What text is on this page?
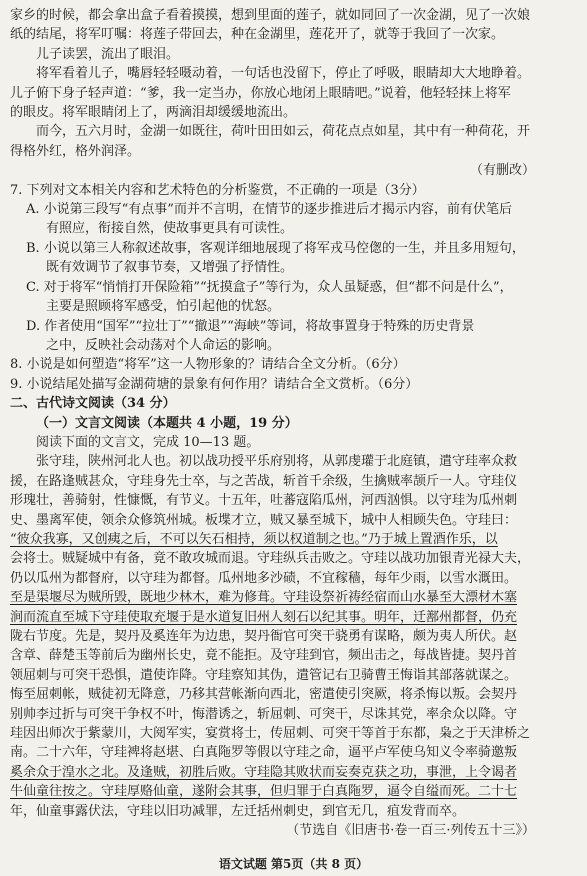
家乡的时候，都会拿出盒子看着摸摸，想到里面的莲子，就如同回了一次金湖，见了一次娘
纸的结尾，将军叮嘱：将莲子带回去，种在金湖里，莲花开了，就等于我回了一次家。
儿子读罢，流出了眼泪。
将军看着儿子，嘴唇轻轻嗫动着，一句话也没留下，停止了呼吸，眼睛却大大地睁着。
儿子俯下身子轻声道：“爹，我一定当办，你放心地闭上眼睛吧。”说着，他轻轻抹上将军
的眼皮。将军眼睛闭上了，两滴泪却缓缓地流出。
而今，五六月时，金湖一如既往，荷叶田田如云，荷花点点如星，其中有一种荷花，开
得格外红，格外润泽。
（有删改）
7. 下列对文本相关内容和艺术特色的分析鉴赏，不正确的一项是（3分）
A. 小说第三段写“有点事”而并不言明，在情节的逐步推进后才揭示内容，前有伏笔后
有照应，衔接自然，使故事更具有可读性。
B. 小说以第三人称叙述故事，客观详细地展现了将军戎马倥偬的一生，并且多用短句，
既有效调节了叙事节奏，又增强了抒情性。
C. 对于将军“悄悄打开保险箱”“抚摸盒子”等行为，众人虽疑惑，但“都不问是什么”，
主要是照顾将军感受，怕引起他的忧怒。
D. 作者使用“国军”“拉壮丁”“撤退”“海峡”等词，将故事置身于特殊的历史背景
之中，反映社会动荡对个人命运的影响。
8. 小说是如何塑造“将军”这一人物形象的？请结合全文分析。（6分）
9. 小说结尾处描写金湖荷塘的景象有何作用？请结合全文赏析。（6分）
二、古代诗文阅读（34 分）
（一）文言文阅读（本题共 4 小题，19 分）
阅读下面的文言文，完成 10—13 题。
张守珪，陕州河北人也。初以战功授平乐府别将，从郭虔瓘于北庭镇，遣守珪率众救
援，在路逢贼甚众，守珪身先士卒，与之苦战，斩首千余级，生擒贼率颉斤一人。守珪仪
形瑰壮，善骑射，性慷慨，有节义。十五年，吐蕃寇陷瓜州，河西汹惧。以守珪为瓜州刺
史、墨离军使，领余众修筑州城。板堞才立，贼又暴至城下，城中人相顾失色。守珪曰：
“彼众我寡，又创痍之后，不可以矢石相持，须以权道制之也。”乃于城上置酒作乐，以
会将士。贼疑城中有备，竟不敢攻城而退。守珪纵兵击败之。守珪以战功加银青光禄大夫，
仍以瓜州为都督府，以守珪为都督。瓜州地多沙碛，不宜稼穑，每年少雨，以雪水溉田。
至是渠堰尽为贼所毁，既地少林木，难为修葺。守珪设祭祈祷经宿而山水暴至大漂材木塞
涧而流直至城下守珪使取充堰于是水道复旧州人刻石以纪其事。明年，迁鄯州都督，仍充
陇右节度。先是，契丹及奚连年为边患，契丹衙官可突干骁勇有谋略，颇为夷人所伏。赵
含章、薛楚玉等前后为幽州长史，竟不能拒。及守珪到官，频出击之，每战皆捷。契丹首
领屈刺与可突干恐惧，遣使诈降。守珪察知其伪，遣管记右卫骑曹王悔诣其部落就谋之。
悔至屈刺帐，贼徒初无降意，乃移其营帐渐向西北，密遣使引突厥，将杀悔以叛。会契丹
别帅李过折与可突干争权不叶，悔潜诱之，斩屈刺、可突干，尽诛其党，率余众以降。守
珪因出师次于紫蒙川，大阅军实，宴赏将士，传屈刺、可突干等首于东都，枭之于天津桥之
南。二十六年，守珪裨将赵堪、白真陁罗等假以守珪之命，逼平卢军使乌知义令率骑邀叛
奚余众于湟水之北。及逢贼，初胜后败。守珪隐其败状而妄奏克获之功，事泄，上令谒者
牛仙童往按之。守珪厚赂仙童，遂附会其事，但归罪于白真陁罗，逼令自缢而死。二十七
年，仙童事露伏法，守珪以旧功减罪，左迁括州刺史，到官无几，疽发背而卒。
（节选自《旧唐书·卷一百三·列传五十三》）
语文试题 第5页（共 8 页）
